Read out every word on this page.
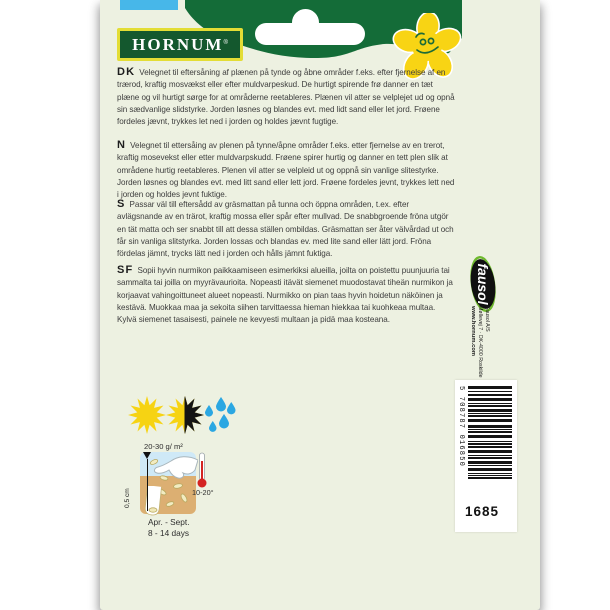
HORNUM ®
DK Velegnet til eftersåning af plænen på tynde og åbne områder f.eks. efter fjernelse af en trærod, kraftig mosvækst eller efter muldvarpeskud. De hurtigt spirende frø danner en tæt plæne og vil hurtigt sørge for at områderne reetableres. Plænen vil atter se velplejet ud og opnå sin sædvanlige slidstyrke. Jorden løsnes og blandes evt. med lidt sand eller let jord. Frøene fordeles jævnt, trykkes let ned i jorden og holdes jævnt fugtige.
N Velegnet til ettersåing av plenen på tynne/åpne områder f.eks. etter fjernelse av en trerot, kraftig mosevekst eller etter muldvarpskudd. Frøene spirer hurtig og danner en tett plen slik at områdene hurtig reetableres. Plenen vil atter se velpleid ut og oppnå sin vanlige slitestyrke. Jorden løsnes og blandes evt. med litt sand eller lett jord. Frøene fordeles jevnt, trykkes lett ned i jorden og holdes jevnt fuktige.
S Passar väl till eftersådd av gräsmattan på tunna och öppna områden, t.ex. efter avlägsnande av en trärot, kraftig mossa eller spår efter mullvad. De snabbgroende fröna utgör en tät matta och ser snabbt till att dessa ställen ombildas. Gräsmattan ser åter välvårdad ut och får sin vanliga slitstyrka. Jorden lossas och blandas ev. med lite sand eller lätt jord. Fröna fördelas jämnt, trycks lätt ned i jorden och hålls jämnt fuktiga.
SF Sopii hyvin nurmikon paikkaamiseen esimerkiksi alueilla, joilta on poistettu puunjuuria tai sammalta tai joilla on myyrävaurioita. Nopeasti itävät siemenet muodostavat tiheän nurmikon ja korjaavat vahingoittuneet alueet nopeasti. Nurmikko on pian taas hyvin hoidetun näköinen ja kestävä. Muokkaa maa ja sekoita siihen tarvittaessa hieman hiekkaa tai kuohkeaa multaa. Kylvä siemenet tasaisesti, painele ne kevyesti multaan ja pidä maa kosteana.
20-30 g/ m²
0,5 cm	10-20°
Apr. - Sept.
8 - 14 days
fausol
Fausol A/S
Møllevej 7 · DK-4000 Roskilde
www.hornum.com
1685
5 708787 016850
